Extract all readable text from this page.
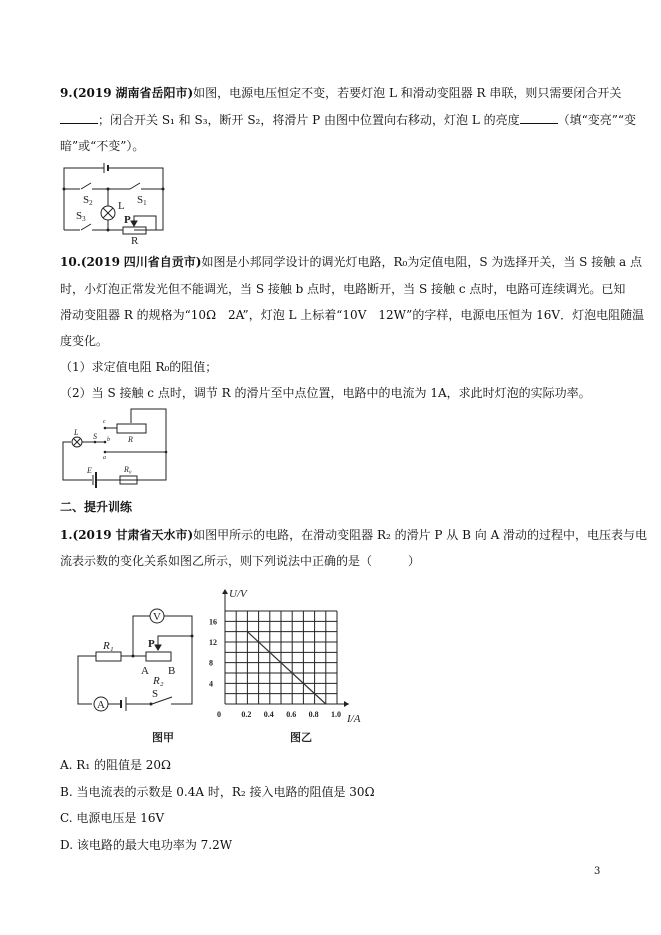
9.(2019 湖南省岳阳市)如图，电源电压恒定不变，若要灯泡 L 和滑动变阻器 R 串联，则只需要闭合开关
；闭合开关 S₁ 和 S₃，断开 S₂，将滑片 P 由图中位置向右移动，灯泡 L 的亮度	（填“变亮”“变
暗”或“不变”）。
10.(2019 四川省自贡市)如图是小邦同学设计的调光灯电路，R₀为定值电阻，S 为选择开关，当 S 接触 a 点
时，小灯泡正常发光但不能调光，当 S 接触 b 点时，电路断开，当 S 接触 c 点时，电路可连续调光。已知
滑动变阻器 R 的规格为“10Ω　2A”，灯泡 L 上标着“10V　12W”的字样，电源电压恒为 16V．灯泡电阻随温
度变化。
（1）求定值电阻 R₀的阻值；
（2）当 S 接触 c 点时，调节 R 的滑片至中点位置，电路中的电流为 1A，求此时灯泡的实际功率。
二、提升训练
1.(2019 甘肃省天水市)如图甲所示的电路，在滑动变阻器 R₂ 的滑片 P 从 B 向 A 滑动的过程中，电压表与电
流表示数的变化关系如图乙所示，则下列说法中正确的是（　　　）
A. R₁ 的阻值是 20Ω
B. 当电流表的示数是 0.4A 时，R₂ 接入电路的阻值是 30Ω
C. 电源电压是 16V
D. 该电路的最大电功率为 7.2W
3
S2	S1
S3
L
P
R
L S
c
b
a
R
E	R₀
V
A
R₁	P
A B
R₂
S
图甲
0.2 0.4 0.6 0.8 1.0
4
8
12
16
0
U/V
I/A
图乙
